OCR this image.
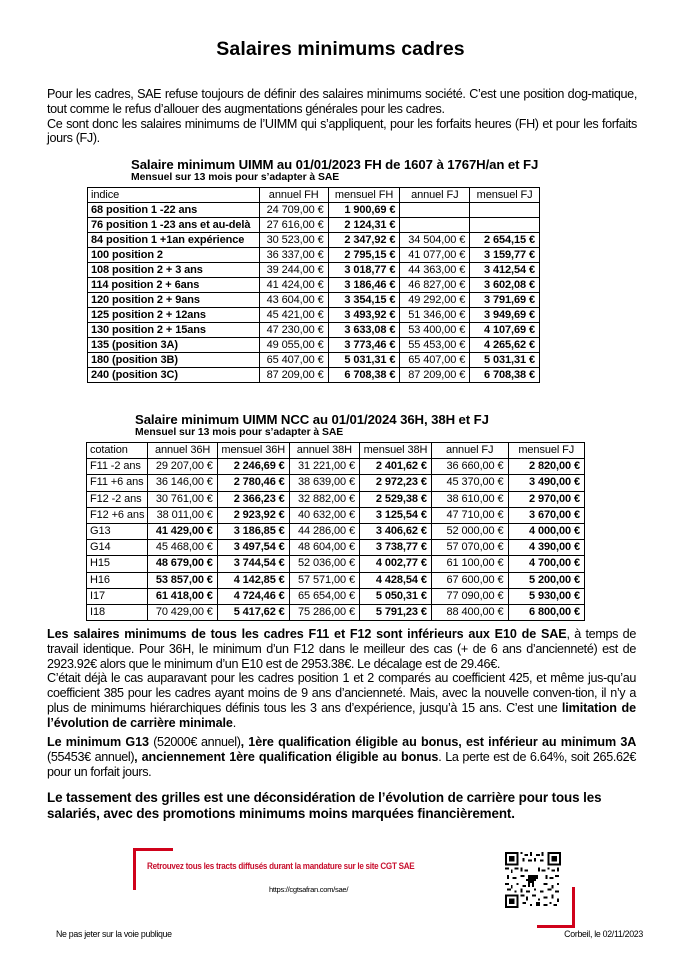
Salaires minimums cadres

Pour les cadres, SAE refuse toujours de définir des salaires minimums société. C’est une position dog-matique, tout comme le refus d’allouer des augmentations générales pour les cadres.

Ce sont donc les salaires minimums de l’UIMM qui s’appliquent, pour les forfaits heures (FH) et pour les forfaits jours (FJ).

Salaire minimum UIMM au 01/01/2023 FH de 1607 à 1767H/an et FJ
Mensuel sur 13 mois pour s’adapter à SAE
indice	annuel FH	mensuel FH	annuel FJ	mensuel FJ
68 position 1 -22 ans	24 709,00 €	1 900,69 €		
76 position 1 -23 ans et au-delà	27 616,00 €	2 124,31 €		
84 position 1 +1an expérience	30 523,00 €	2 347,92 €	34 504,00 €	2 654,15 €
100 position 2	36 337,00 €	2 795,15 €	41 077,00 €	3 159,77 €
108 position 2 + 3 ans	39 244,00 €	3 018,77 €	44 363,00 €	3 412,54 €
114 position 2 + 6ans	41 424,00 €	3 186,46 €	46 827,00 €	3 602,08 €
120 position 2 + 9ans	43 604,00 €	3 354,15 €	49 292,00 €	3 791,69 €
125 position 2 + 12ans	45 421,00 €	3 493,92 €	51 346,00 €	3 949,69 €
130 position 2 + 15ans	47 230,00 €	3 633,08 €	53 400,00 €	4 107,69 €
135 (position 3A)	49 055,00 €	3 773,46 €	55 453,00 €	4 265,62 €
180 (position 3B)	65 407,00 €	5 031,31 €	65 407,00 €	5 031,31 €
240 (position 3C)	87 209,00 €	6 708,38 €	87 209,00 €	6 708,38 €
Salaire minimum UIMM NCC au 01/01/2024 36H, 38H et FJ
Mensuel sur 13 mois pour s’adapter à SAE
cotation	annuel 36H	mensuel 36H	annuel 38H	mensuel 38H	annuel FJ	mensuel FJ
F11 -2 ans	29 207,00 €	2 246,69 €	31 221,00 €	2 401,62 €	36 660,00 €	2 820,00 €
F11 +6 ans	36 146,00 €	2 780,46 €	38 639,00 €	2 972,23 €	45 370,00 €	3 490,00 €
F12 -2 ans	30 761,00 €	2 366,23 €	32 882,00 €	2 529,38 €	38 610,00 €	2 970,00 €
F12 +6 ans	38 011,00 €	2 923,92 €	40 632,00 €	3 125,54 €	47 710,00 €	3 670,00 €
G13	41 429,00 €	3 186,85 €	44 286,00 €	3 406,62 €	52 000,00 €	4 000,00 €
G14	45 468,00 €	3 497,54 €	48 604,00 €	3 738,77 €	57 070,00 €	4 390,00 €
H15	48 679,00 €	3 744,54 €	52 036,00 €	4 002,77 €	61 100,00 €	4 700,00 €
H16	53 857,00 €	4 142,85 €	57 571,00 €	4 428,54 €	67 600,00 €	5 200,00 €
I17	61 418,00 €	4 724,46 €	65 654,00 €	5 050,31 €	77 090,00 €	5 930,00 €
I18	70 429,00 €	5 417,62 €	75 286,00 €	5 791,23 €	88 400,00 €	6 800,00 €
Les salaires minimums de tous les cadres F11 et F12 sont inférieurs aux E10 de SAE, à temps de travail identique. Pour 36H, le minimum d’un F12 dans le meilleur des cas (+ de 6 ans d’ancienneté) est de 2923.92€ alors que le minimum d’un E10 est de 2953.38€. Le décalage est de 29.46€.
C’était déjà le cas auparavant pour les cadres position 1 et 2 comparés au coefficient 425, et même jus-qu’au coefficient 385 pour les cadres ayant moins de 9 ans d’ancienneté. Mais, avec la nouvelle conven-tion, il n’y a plus de minimums hiérarchiques définis tous les 3 ans d’expérience, jusqu’à 15 ans. C’est une limitation de l’évolution de carrière minimale.
Le minimum G13 (52000€ annuel), 1ère qualification éligible au bonus, est inférieur au minimum 3A (55453€ annuel), anciennement 1ère qualification éligible au bonus. La perte est de 6.64%, soit 265.62€ pour un forfait jours.
Le tassement des grilles est une déconsidération de l’évolution de carrière pour tous les salariés, avec des promotions minimums moins marquées financièrement.
Retrouvez tous les tracts diffusés durant la mandature sur le site CGT SAE
https://cgtsafran.com/sae/
Ne pas jeter sur la voie publique	Corbeil, le 02/11/2023
